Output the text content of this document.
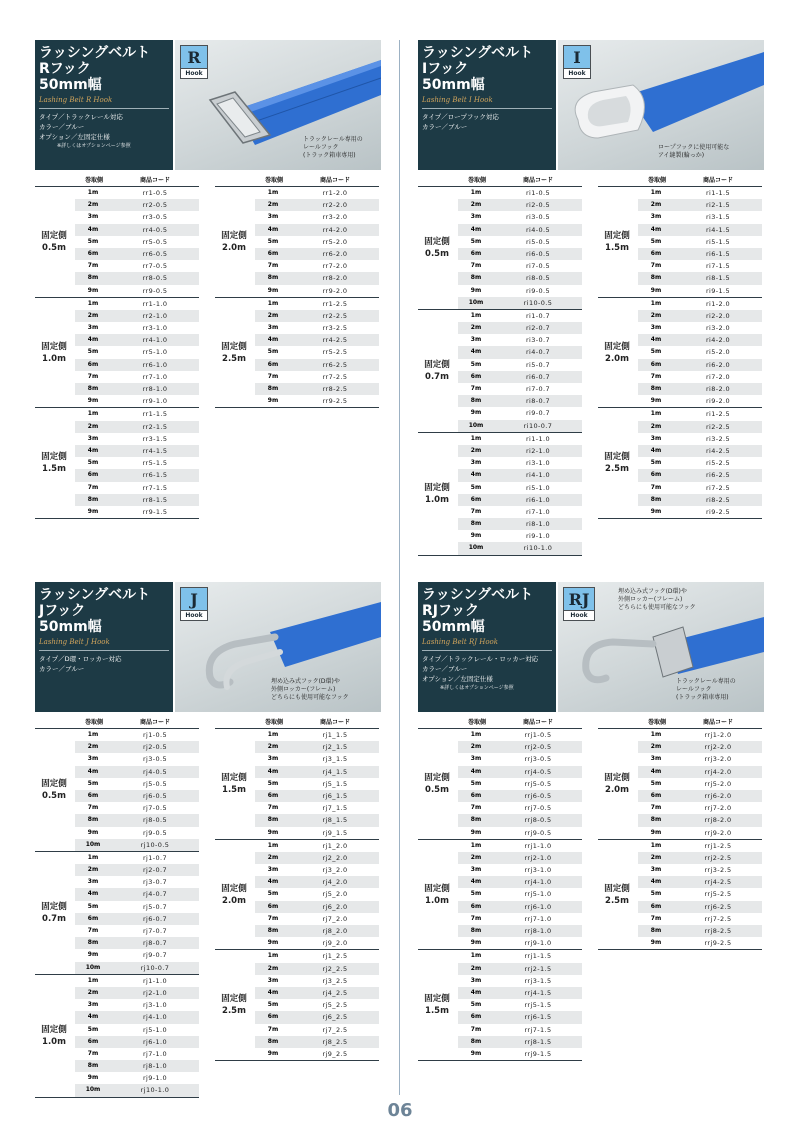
ラッシングベルト
Rフック
50mm幅
Lashing Belt R Hook
タイプ／トラックレール対応
カラー／ブルー
オプション／左固定仕様
※詳しくはオプションページ参照
R
Hook
トラックレール専用の
レールフック
(トラック箱車専用)
巻取側	商品コード
固定側
0.5m
1m	rr1-0.5
2m	rr2-0.5
3m	rr3-0.5
4m	rr4-0.5
5m	rr5-0.5
6m	rr6-0.5
7m	rr7-0.5
8m	rr8-0.5
9m	rr9-0.5
固定側
1.0m
1m	rr1-1.0
2m	rr2-1.0
3m	rr3-1.0
4m	rr4-1.0
5m	rr5-1.0
6m	rr6-1.0
7m	rr7-1.0
8m	rr8-1.0
9m	rr9-1.0
固定側
1.5m
1m	rr1-1.5
2m	rr2-1.5
3m	rr3-1.5
4m	rr4-1.5
5m	rr5-1.5
6m	rr6-1.5
7m	rr7-1.5
8m	rr8-1.5
9m	rr9-1.5
巻取側	商品コード
固定側
2.0m
1m	rr1-2.0
2m	rr2-2.0
3m	rr3-2.0
4m	rr4-2.0
5m	rr5-2.0
6m	rr6-2.0
7m	rr7-2.0
8m	rr8-2.0
9m	rr9-2.0
固定側
2.5m
1m	rr1-2.5
2m	rr2-2.5
3m	rr3-2.5
4m	rr4-2.5
5m	rr5-2.5
6m	rr6-2.5
7m	rr7-2.5
8m	rr8-2.5
9m	rr9-2.5
ラッシングベルト
Iフック
50mm幅
Lashing Belt I Hook
タイプ／ロープフック対応
カラー／ブルー
I
Hook
ロープフックに使用可能な
アイ縫製(輪っか)
巻取側	商品コード
固定側
0.5m
1m	ri1-0.5
2m	ri2-0.5
3m	ri3-0.5
4m	ri4-0.5
5m	ri5-0.5
6m	ri6-0.5
7m	ri7-0.5
8m	ri8-0.5
9m	ri9-0.5
10m	ri10-0.5
固定側
0.7m
1m	ri1-0.7
2m	ri2-0.7
3m	ri3-0.7
4m	ri4-0.7
5m	ri5-0.7
6m	ri6-0.7
7m	ri7-0.7
8m	ri8-0.7
9m	ri9-0.7
10m	ri10-0.7
固定側
1.0m
1m	ri1-1.0
2m	ri2-1.0
3m	ri3-1.0
4m	ri4-1.0
5m	ri5-1.0
6m	ri6-1.0
7m	ri7-1.0
8m	ri8-1.0
9m	ri9-1.0
10m	ri10-1.0
巻取側	商品コード
固定側
1.5m
1m	ri1-1.5
2m	ri2-1.5
3m	ri3-1.5
4m	ri4-1.5
5m	ri5-1.5
6m	ri6-1.5
7m	ri7-1.5
8m	ri8-1.5
9m	ri9-1.5
固定側
2.0m
1m	ri1-2.0
2m	ri2-2.0
3m	ri3-2.0
4m	ri4-2.0
5m	ri5-2.0
6m	ri6-2.0
7m	ri7-2.0
8m	ri8-2.0
9m	ri9-2.0
固定側
2.5m
1m	ri1-2.5
2m	ri2-2.5
3m	ri3-2.5
4m	ri4-2.5
5m	ri5-2.5
6m	ri6-2.5
7m	ri7-2.5
8m	ri8-2.5
9m	ri9-2.5
ラッシングベルト
Jフック
50mm幅
Lashing Belt J Hook
タイプ／D環・ロッカー対応
カラー／ブルー
J
Hook
埋め込み式フック(D環)や
外側ロッカー(フレーム)
どちらにも使用可能なフック
巻取側	商品コード
固定側
0.5m
1m	rj1-0.5
2m	rj2-0.5
3m	rj3-0.5
4m	rj4-0.5
5m	rj5-0.5
6m	rj6-0.5
7m	rj7-0.5
8m	rj8-0.5
9m	rj9-0.5
10m	rj10-0.5
固定側
0.7m
1m	rj1-0.7
2m	rj2-0.7
3m	rj3-0.7
4m	rj4-0.7
5m	rj5-0.7
6m	rj6-0.7
7m	rj7-0.7
8m	rj8-0.7
9m	rj9-0.7
10m	rj10-0.7
固定側
1.0m
1m	rj1-1.0
2m	rj2-1.0
3m	rj3-1.0
4m	rj4-1.0
5m	rj5-1.0
6m	rj6-1.0
7m	rj7-1.0
8m	rj8-1.0
9m	rj9-1.0
10m	rj10-1.0
巻取側	商品コード
固定側
1.5m
1m	rj1_1.5
2m	rj2_1.5
3m	rj3_1.5
4m	rj4_1.5
5m	rj5_1.5
6m	rj6_1.5
7m	rj7_1.5
8m	rj8_1.5
9m	rj9_1.5
固定側
2.0m
1m	rj1_2.0
2m	rj2_2.0
3m	rj3_2.0
4m	rj4_2.0
5m	rj5_2.0
6m	rj6_2.0
7m	rj7_2.0
8m	rj8_2.0
9m	rj9_2.0
固定側
2.5m
1m	rj1_2.5
2m	rj2_2.5
3m	rj3_2.5
4m	rj4_2.5
5m	rj5_2.5
6m	rj6_2.5
7m	rj7_2.5
8m	rj8_2.5
9m	rj9_2.5
ラッシングベルト
RJフック
50mm幅
Lashing Belt RJ Hook
タイプ／トラックレール・ロッカー対応
カラー／ブルー
オプション／左固定仕様
※詳しくはオプションページ参照
RJ
Hook
埋め込み式フック(D環)や
外側ロッカー(フレーム)
どちらにも使用可能なフック
トラックレール専用の
レールフック
(トラック箱車専用)
巻取側	商品コード
固定側
0.5m
1m	rrj1-0.5
2m	rrj2-0.5
3m	rrj3-0.5
4m	rrj4-0.5
5m	rrj5-0.5
6m	rrj6-0.5
7m	rrj7-0.5
8m	rrj8-0.5
9m	rrj9-0.5
固定側
1.0m
1m	rrj1-1.0
2m	rrj2-1.0
3m	rrj3-1.0
4m	rrj4-1.0
5m	rrj5-1.0
6m	rrj6-1.0
7m	rrj7-1.0
8m	rrj8-1.0
9m	rrj9-1.0
固定側
1.5m
1m	rrj1-1.5
2m	rrj2-1.5
3m	rrj3-1.5
4m	rrj4-1.5
5m	rrj5-1.5
6m	rrj6-1.5
7m	rrj7-1.5
8m	rrj8-1.5
9m	rrj9-1.5
巻取側	商品コード
固定側
2.0m
1m	rrj1-2.0
2m	rrj2-2.0
3m	rrj3-2.0
4m	rrj4-2.0
5m	rrj5-2.0
6m	rrj6-2.0
7m	rrj7-2.0
8m	rrj8-2.0
9m	rrj9-2.0
固定側
2.5m
1m	rrj1-2.5
2m	rrj2-2.5
3m	rrj3-2.5
4m	rrj4-2.5
5m	rrj5-2.5
6m	rrj6-2.5
7m	rrj7-2.5
8m	rrj8-2.5
9m	rrj9-2.5
06
